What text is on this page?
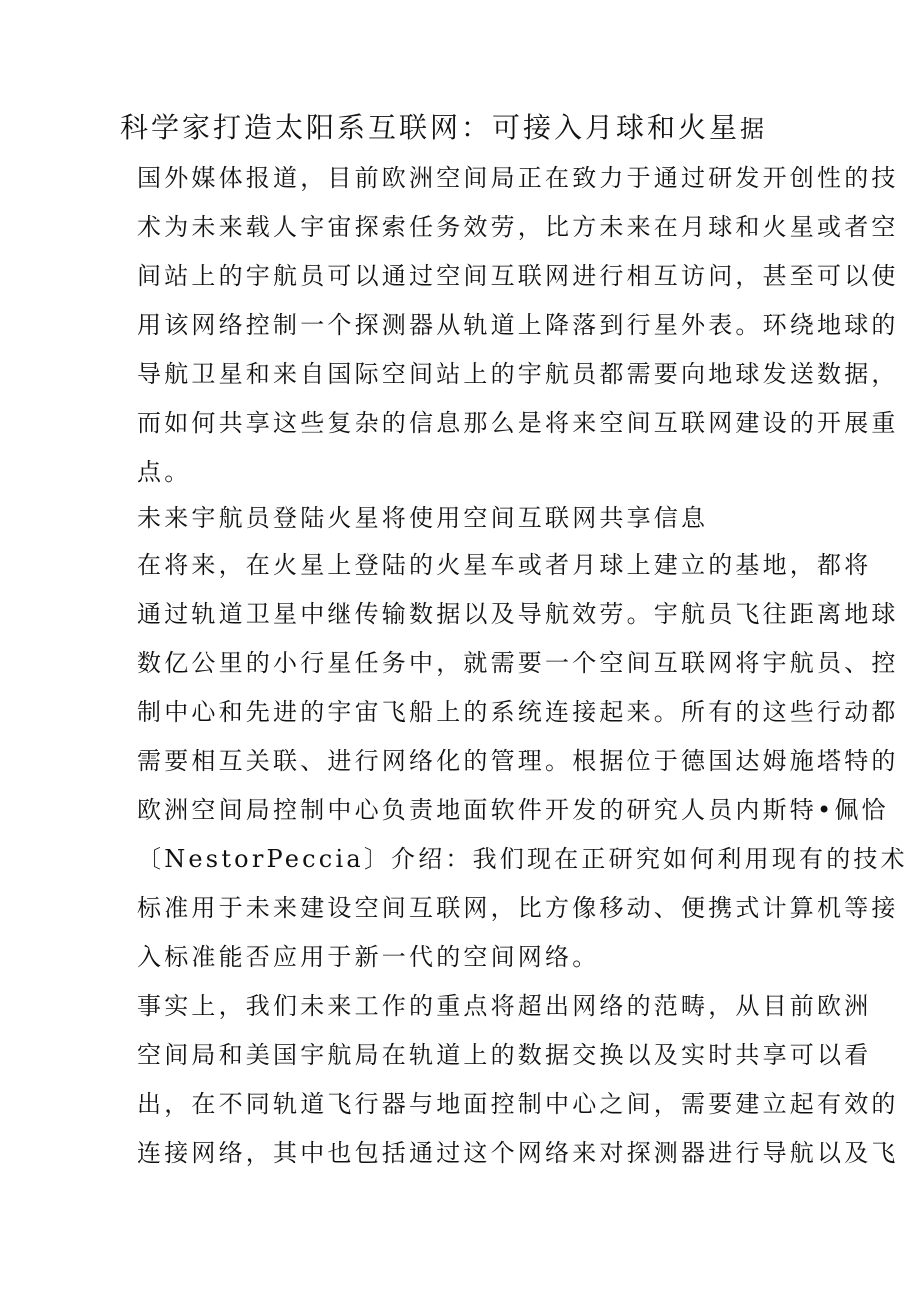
科学家打造太阳系互联网：可接入月球和火星据
国外媒体报道，目前欧洲空间局正在致力于通过研发开创性的技
术为未来载人宇宙探索任务效劳，比方未来在月球和火星或者空
间站上的宇航员可以通过空间互联网进行相互访问，甚至可以使
用该网络控制一个探测器从轨道上降落到行星外表。环绕地球的
导航卫星和来自国际空间站上的宇航员都需要向地球发送数据，
而如何共享这些复杂的信息那么是将来空间互联网建设的开展重
点。
未来宇航员登陆火星将使用空间互联网共享信息
在将来，在火星上登陆的火星车或者月球上建立的基地，都将
通过轨道卫星中继传输数据以及导航效劳。宇航员飞往距离地球
数亿公里的小行星任务中，就需要一个空间互联网将宇航员、控
制中心和先进的宇宙飞船上的系统连接起来。所有的这些行动都
需要相互关联、进行网络化的管理。根据位于德国达姆施塔特的
欧洲空间局控制中心负责地面软件开发的研究人员内斯特•佩恰
〔NestorPeccia〕介绍：我们现在正研究如何利用现有的技术
标准用于未来建设空间互联网，比方像移动、便携式计算机等接
入标准能否应用于新一代的空间网络。
事实上，我们未来工作的重点将超出网络的范畴，从目前欧洲
空间局和美国宇航局在轨道上的数据交换以及实时共享可以看
出，在不同轨道飞行器与地面控制中心之间，需要建立起有效的
连接网络，其中也包括通过这个网络来对探测器进行导航以及飞
